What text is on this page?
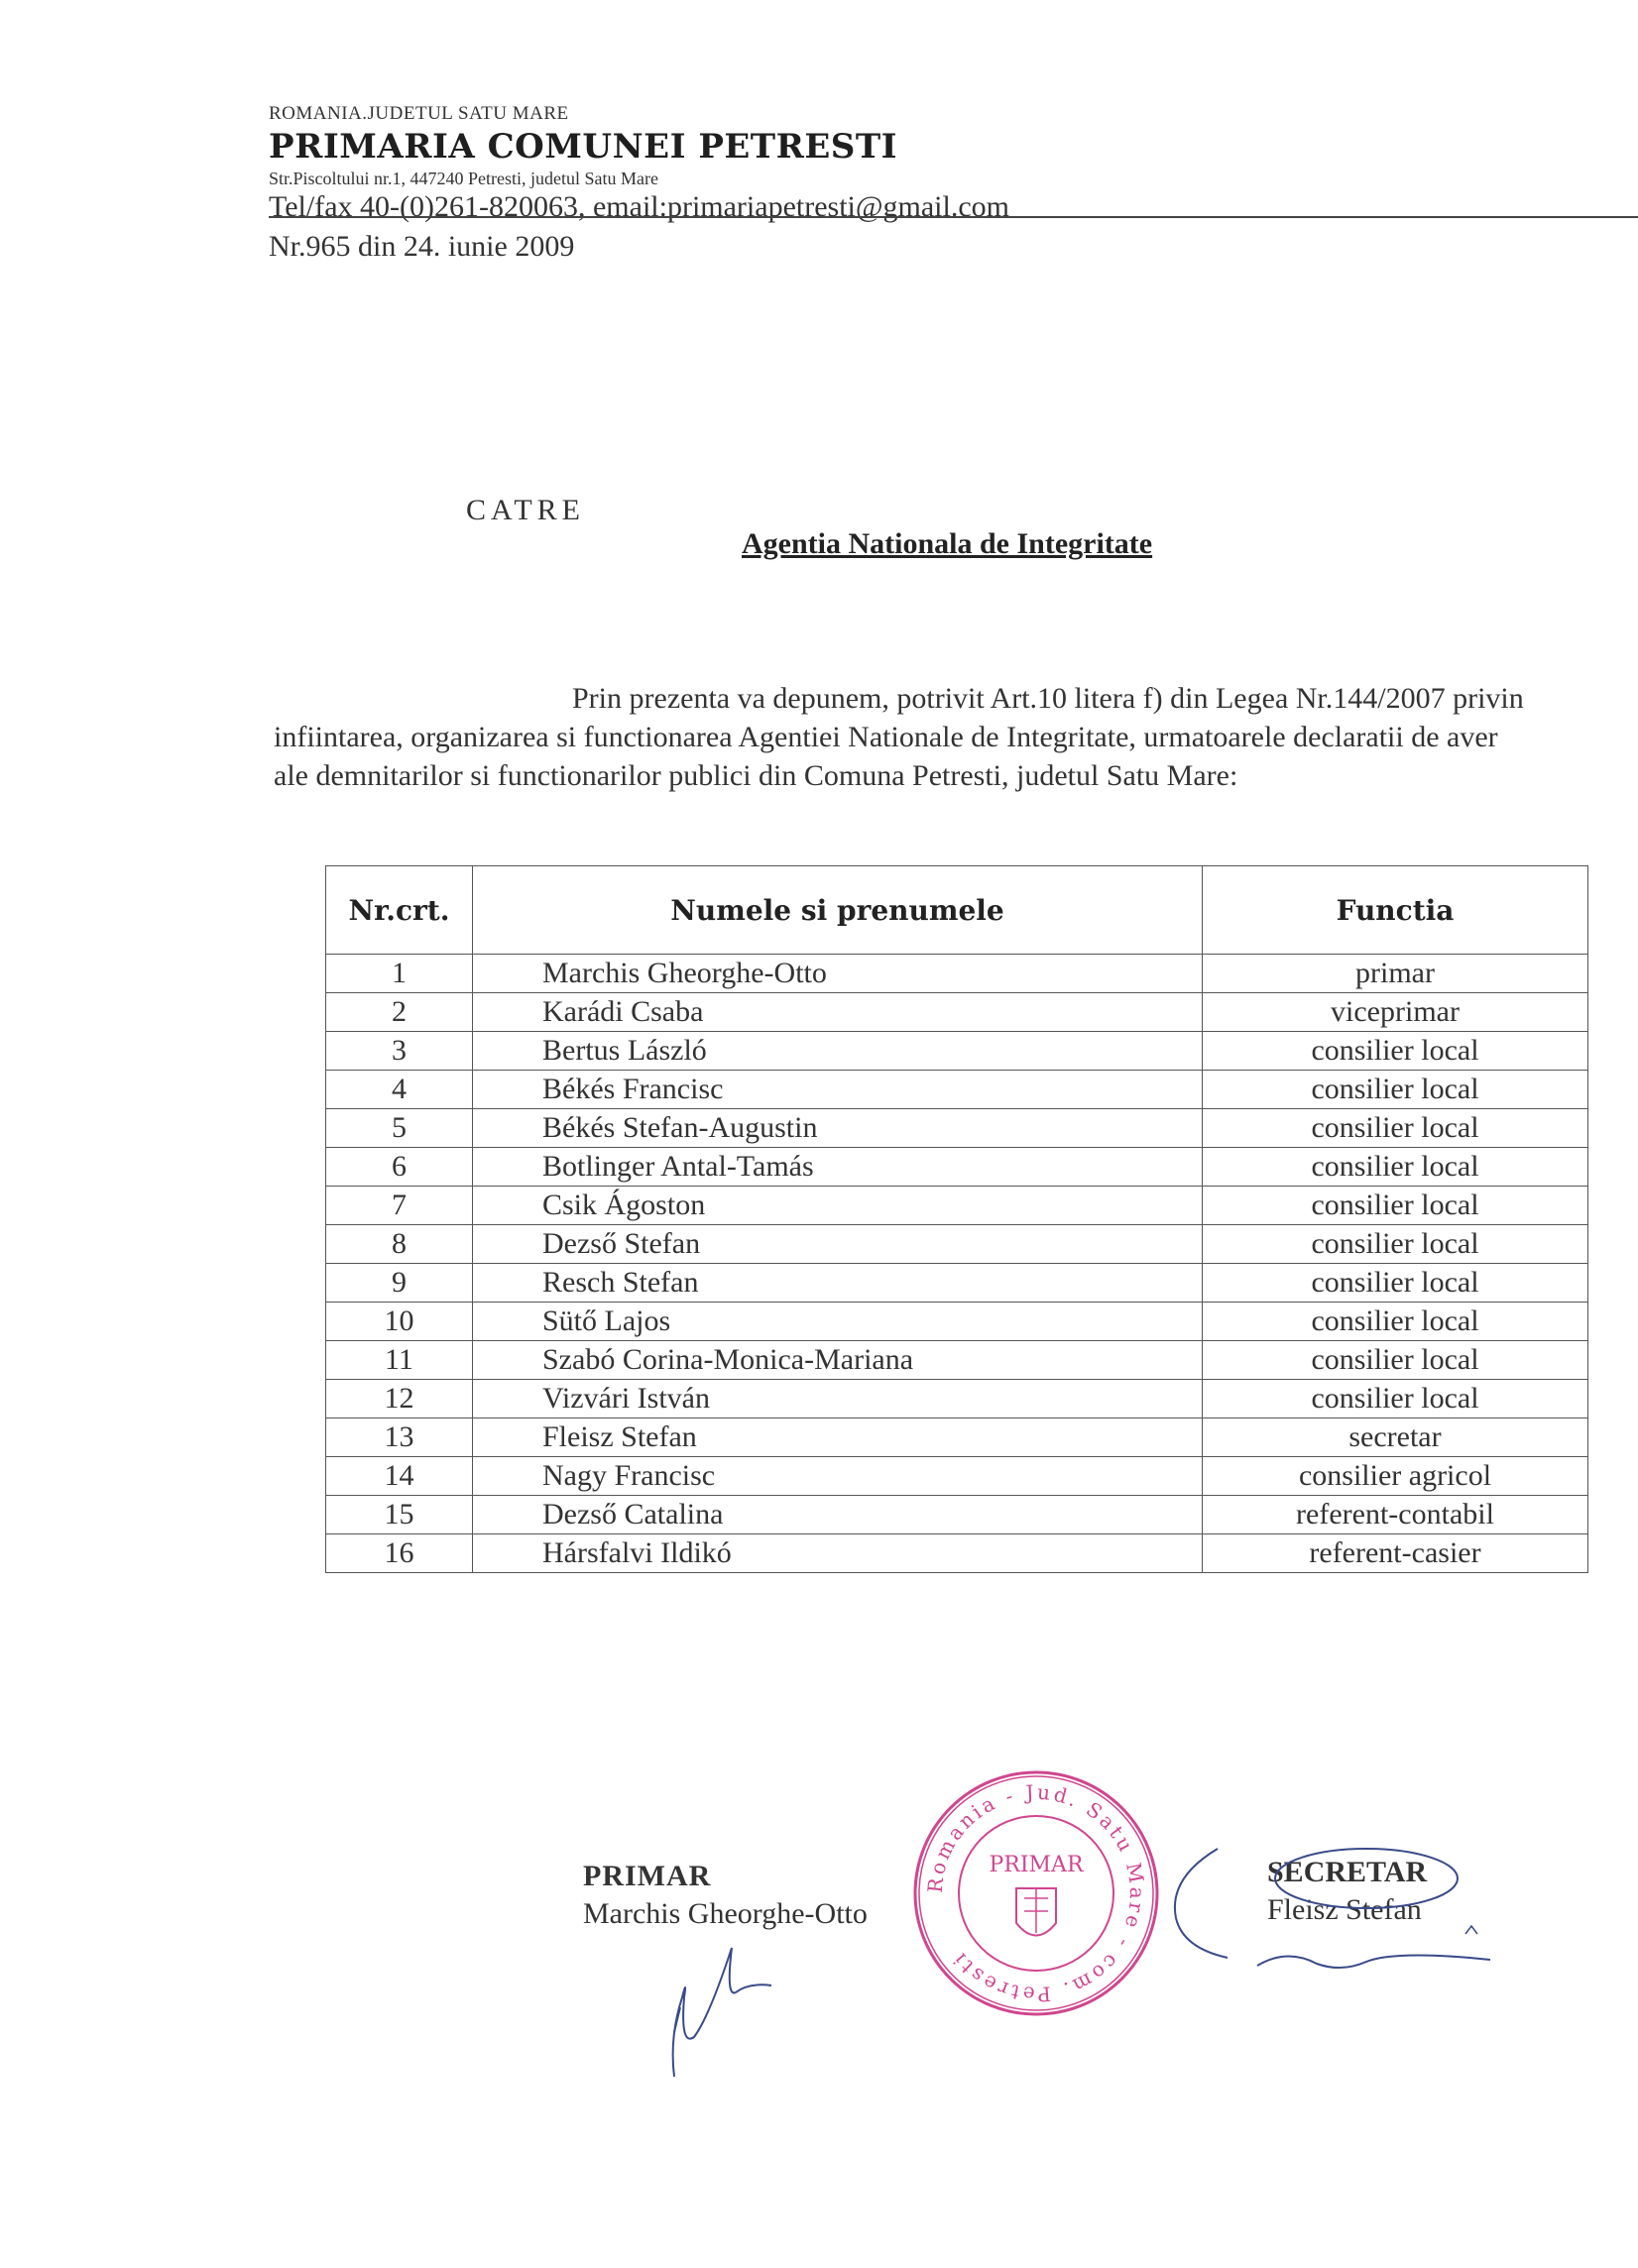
ROMANIA.JUDETUL SATU MARE
PRIMARIA COMUNEI PETRESTI
Str.Piscoltului nr.1, 447240 Petresti, judetul Satu Mare
Tel/fax 40-(0)261-820063, email:primariapetresti@gmail.com
Nr.965 din 24. iunie 2009
CATRE
Agentia Nationala de Integritate
Prin prezenta va depunem, potrivit Art.10 litera f) din Legea Nr.144/2007 privin
infiintarea, organizarea si functionarea Agentiei Nationale de Integritate, urmatoarele declaratii de aver
ale demnitarilor si functionarilor publici din Comuna Petresti, judetul Satu Mare:
Nr.crt.	Numele si prenumele	Functia
1	Marchis Gheorghe-Otto	primar
2	Karádi Csaba	viceprimar
3	Bertus László	consilier local
4	Békés Francisc	consilier local
5	Békés Stefan-Augustin	consilier local
6	Botlinger Antal-Tamás	consilier local
7	Csik Ágoston	consilier local
8	Dezső Stefan	consilier local
9	Resch Stefan	consilier local
10	Sütő Lajos	consilier local
11	Szabó Corina-Monica-Mariana	consilier local
12	Vizvári István	consilier local
13	Fleisz Stefan	secretar
14	Nagy Francisc	consilier agricol
15	Dezső Catalina	referent-contabil
16	Hársfalvi Ildikó	referent-casier
PRIMAR
Marchis Gheorghe-Otto
Romania - Jud. Satu Mare - com. Petresti
PRIMAR	SECRETAR
Fleisz Stefan
